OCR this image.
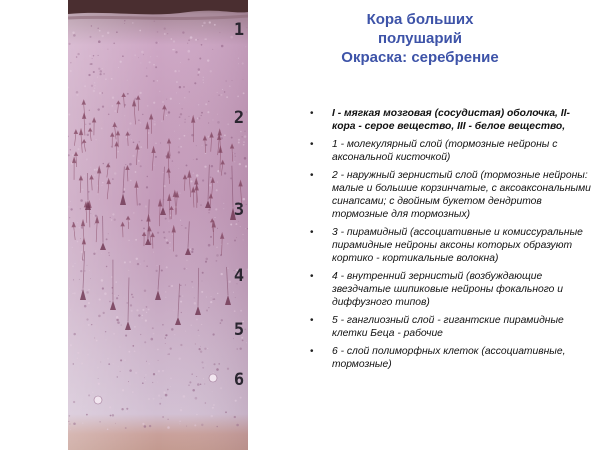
1
2
3
4
5
6
Кора больших
полушарий
Окраска: серебрение
• I - мягкая мозговая (сосудистая) оболочка, II- кора - серое вещество, III - белое вещество,
• 1 - молекулярный слой (тормозные нейроны с аксональной кисточкой)
• 2 - наружный зернистый слой (тормозные нейроны: малые и большие корзинчатые, с аксоаксональными синапсами; с двойным букетом дендритов тормозные для тормозных)
• 3 - пирамидный (ассоциативные и комиссуральные пирамидные нейроны аксоны которых образуют кортико - кортикальные волокна)
• 4 - внутренний зернистый (возбуждающие звездчатые шипиковые нейроны фокального и диффузного типов)
• 5 - ганглиозный слой - гигантские пирамидные клетки Беца - рабочие
• 6 - слой полиморфных клеток (ассоциативные, тормозные)
